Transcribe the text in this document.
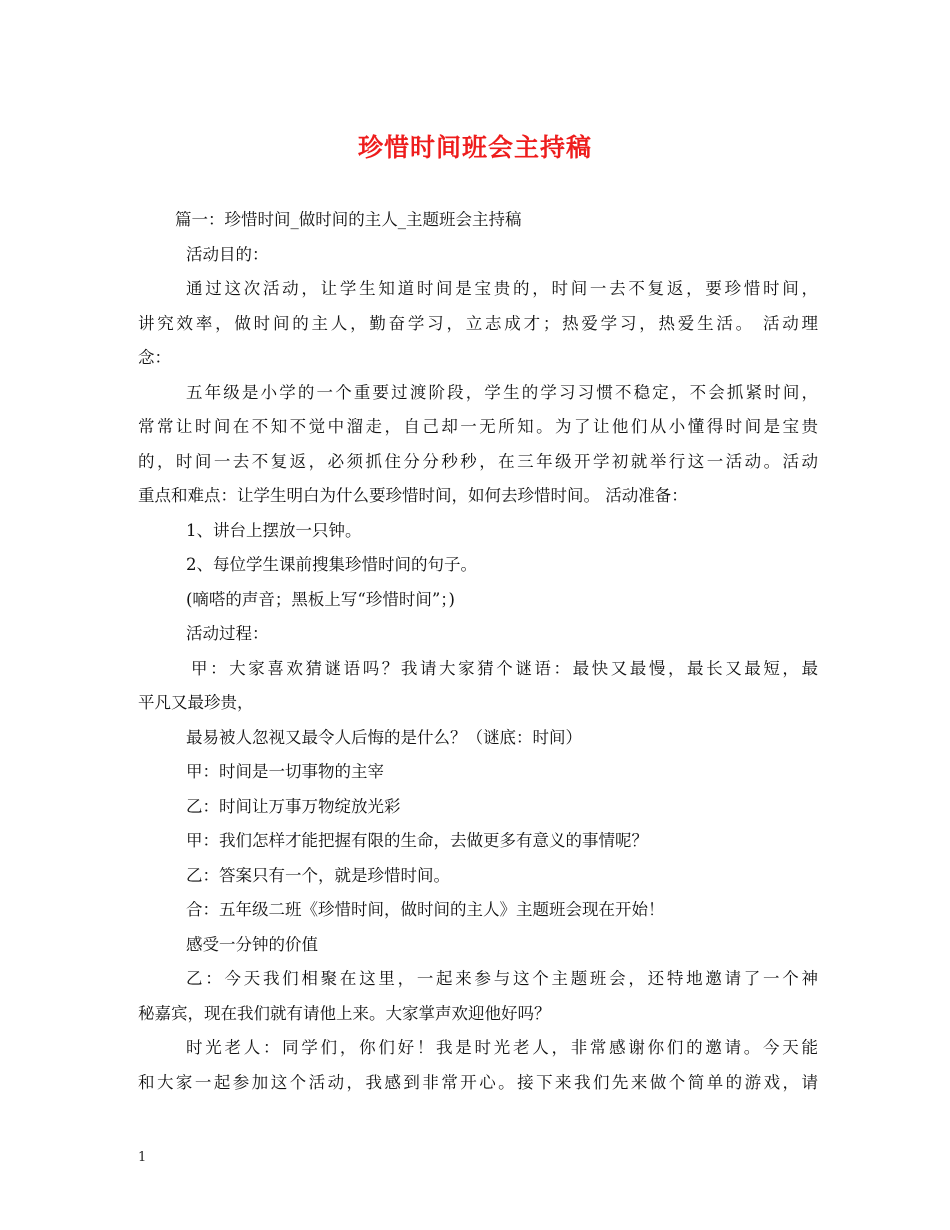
珍惜时间班会主持稿

篇一：珍惜时间_做时间的主人_主题班会主持稿

活动目的：

通过这次活动，让学生知道时间是宝贵的，时间一去不复返，要珍惜时间，

讲究效率，做时间的主人，勤奋学习，立志成才；热爱学习，热爱生活。 活动理

念：

五年级是小学的一个重要过渡阶段，学生的学习习惯不稳定，不会抓紧时间，

常常让时间在不知不觉中溜走，自己却一无所知。为了让他们从小懂得时间是宝贵

的，时间一去不复返，必须抓住分分秒秒，在三年级开学初就举行这一活动。活动

重点和难点：让学生明白为什么要珍惜时间，如何去珍惜时间。 活动准备：

1、讲台上摆放一只钟。

2、每位学生课前搜集珍惜时间的句子。

(嘀嗒的声音；黑板上写“珍惜时间”；)

活动过程：

甲：大家喜欢猜谜语吗？我请大家猜个谜语：最快又最慢，最长又最短，最

平凡又最珍贵，

最易被人忽视又最令人后悔的是什么？（谜底：时间）

甲：时间是一切事物的主宰

乙：时间让万事万物绽放光彩

甲：我们怎样才能把握有限的生命，去做更多有意义的事情呢？

乙：答案只有一个，就是珍惜时间。

合：五年级二班《珍惜时间，做时间的主人》主题班会现在开始！

感受一分钟的价值

乙：今天我们相聚在这里，一起来参与这个主题班会，还特地邀请了一个神

秘嘉宾，现在我们就有请他上来。大家掌声欢迎他好吗？

时光老人：同学们，你们好！我是时光老人，非常感谢你们的邀请。今天能

和大家一起参加这个活动，我感到非常开心。接下来我们先来做个简单的游戏，请

1
